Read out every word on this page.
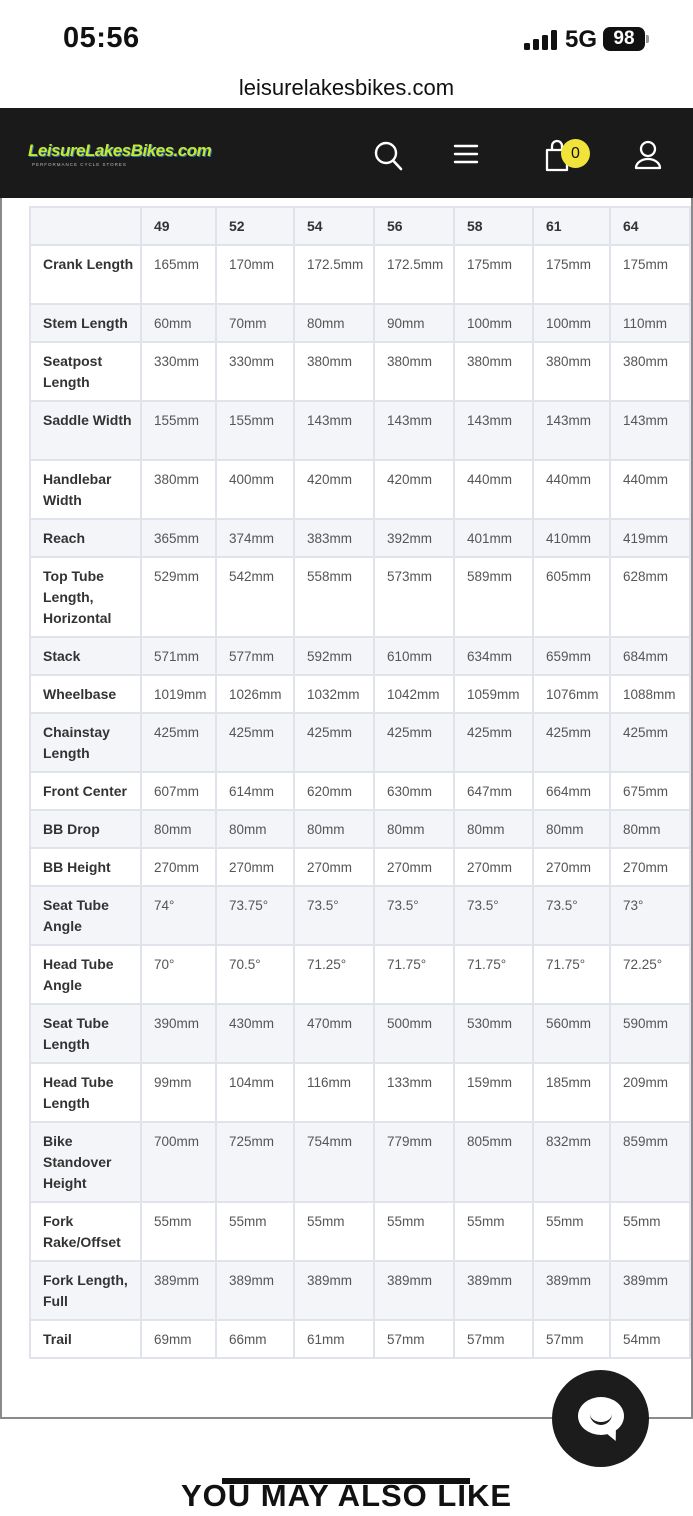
05:56	5G 98
leisurelakesbikes.com
LeisureLakesBikes.com
PERFORMANCE CYCLE STORES
0
	49	52	54	56	58	61	64
Crank Length	165mm	170mm	172.5mm	172.5mm	175mm	175mm	175mm
Stem Length	60mm	70mm	80mm	90mm	100mm	100mm	110mm
Seatpost Length	330mm	330mm	380mm	380mm	380mm	380mm	380mm
Saddle Width	155mm	155mm	143mm	143mm	143mm	143mm	143mm
Handlebar Width	380mm	400mm	420mm	420mm	440mm	440mm	440mm
Reach	365mm	374mm	383mm	392mm	401mm	410mm	419mm
Top Tube Length, Horizontal	529mm	542mm	558mm	573mm	589mm	605mm	628mm
Stack	571mm	577mm	592mm	610mm	634mm	659mm	684mm
Wheelbase	1019mm	1026mm	1032mm	1042mm	1059mm	1076mm	1088mm
Chainstay Length	425mm	425mm	425mm	425mm	425mm	425mm	425mm
Front Center	607mm	614mm	620mm	630mm	647mm	664mm	675mm
BB Drop	80mm	80mm	80mm	80mm	80mm	80mm	80mm
BB Height	270mm	270mm	270mm	270mm	270mm	270mm	270mm
Seat Tube Angle	74°	73.75°	73.5°	73.5°	73.5°	73.5°	73°
Head Tube Angle	70°	70.5°	71.25°	71.75°	71.75°	71.75°	72.25°
Seat Tube Length	390mm	430mm	470mm	500mm	530mm	560mm	590mm
Head Tube Length	99mm	104mm	116mm	133mm	159mm	185mm	209mm
Bike Standover Height	700mm	725mm	754mm	779mm	805mm	832mm	859mm
Fork Rake/Offset	55mm	55mm	55mm	55mm	55mm	55mm	55mm
Fork Length, Full	389mm	389mm	389mm	389mm	389mm	389mm	389mm
Trail	69mm	66mm	61mm	57mm	57mm	57mm	54mm
YOU MAY ALSO LIKE
